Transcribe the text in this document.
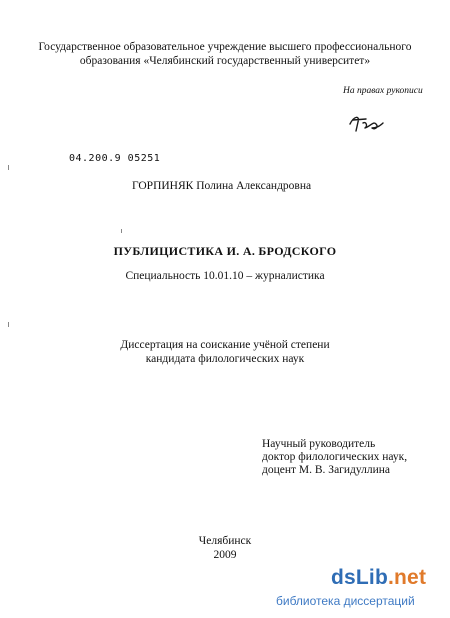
Государственное образовательное учреждение высшего профессионального
образования «Челябинский государственный университет»
На правах рукописи
04.200.9 05251
ГОРПИНЯК Полина Александровна
ПУБЛИЦИСТИКА И. А. БРОДСКОГО
Специальность 10.01.10 – журналистика
Диссертация на соискание учёной степени
кандидата филологических наук
Научный руководитель
доктор филологических наук,
доцент М. В. Загидуллина
Челябинск
2009
dsLib.net
библиотека диссертаций
